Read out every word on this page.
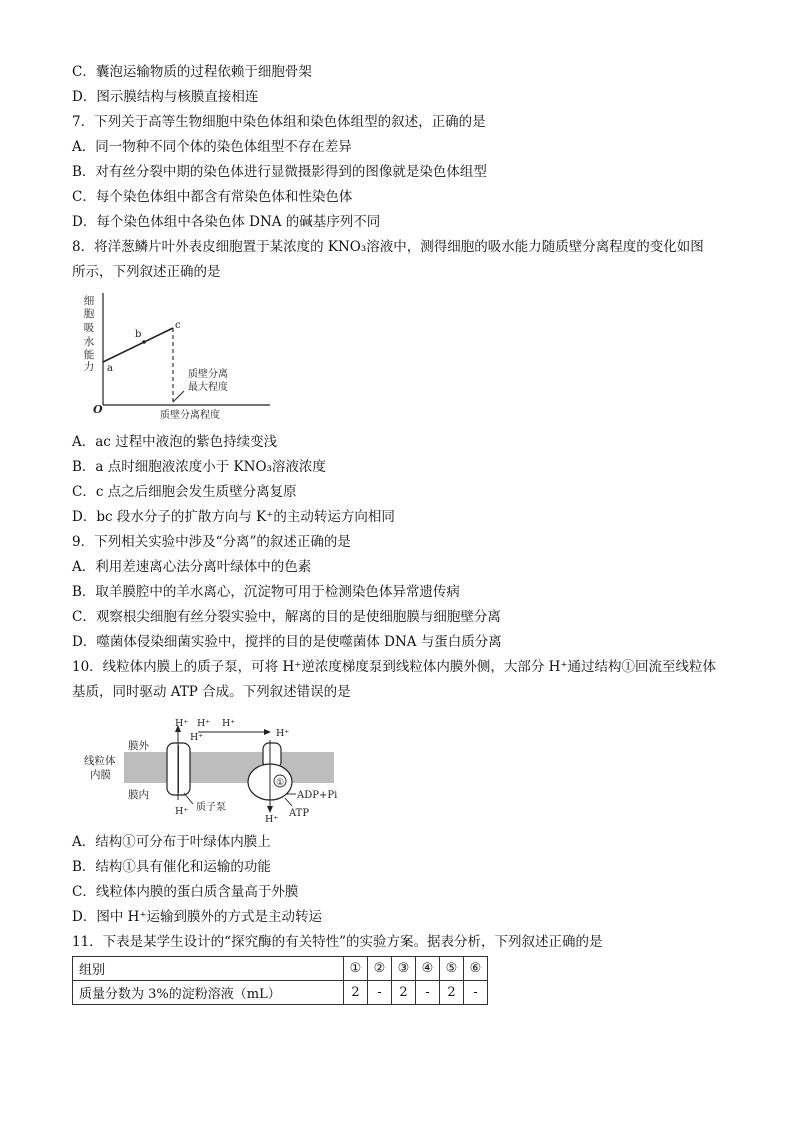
C．囊泡运输物质的过程依赖于细胞骨架
D．图示膜结构与核膜直接相连
7．下列关于高等生物细胞中染色体组和染色体组型的叙述，正确的是
A．同一物种不同个体的染色体组型不存在差异
B．对有丝分裂中期的染色体进行显微摄影得到的图像就是染色体组型
C．每个染色体组中都含有常染色体和性染色体
D．每个染色体组中各染色体 DNA 的碱基序列不同
8．将洋葱鳞片叶外表皮细胞置于某浓度的 KNO₃溶液中，测得细胞的吸水能力随质壁分离程度的变化如图
所示，下列叙述正确的是
细
胞
吸
水
能
力 a
b
c
质壁分离
最大程度
O	质壁分离程度
A．ac 过程中液泡的紫色持续变浅
B．a 点时细胞液浓度小于 KNO₃溶液浓度
C．c 点之后细胞会发生质壁分离复原
D．bc 段水分子的扩散方向与 K⁺的主动转运方向相同
9．下列相关实验中涉及“分离”的叙述正确的是
A．利用差速离心法分离叶绿体中的色素
B．取羊膜腔中的羊水离心，沉淀物可用于检测染色体异常遗传病
C．观察根尖细胞有丝分裂实验中，解离的目的是使细胞膜与细胞壁分离
D．噬菌体侵染细菌实验中，搅拌的目的是使噬菌体 DNA 与蛋白质分离
10．线粒体内膜上的质子泵，可将 H⁺逆浓度梯度泵到线粒体内膜外侧，大部分 H⁺通过结构①回流至线粒体
基质，同时驱动 ATP 合成。下列叙述错误的是
线粒体
内膜
膜外
膜内
H⁺
H⁺ 质子泵
H⁺ H⁺
H⁺	H⁺
①
H⁺
ADP+Pi
ATP
A．结构①可分布于叶绿体内膜上
B．结构①具有催化和运输的功能
C．线粒体内膜的蛋白质含量高于外膜
D．图中 H⁺运输到膜外的方式是主动转运
11．下表是某学生设计的“探究酶的有关特性”的实验方案。据表分析，下列叙述正确的是
组别	①	②	③	④	⑤	⑥
质量分数为 3%的淀粉溶液（mL）	2	-	2	-	2	-
